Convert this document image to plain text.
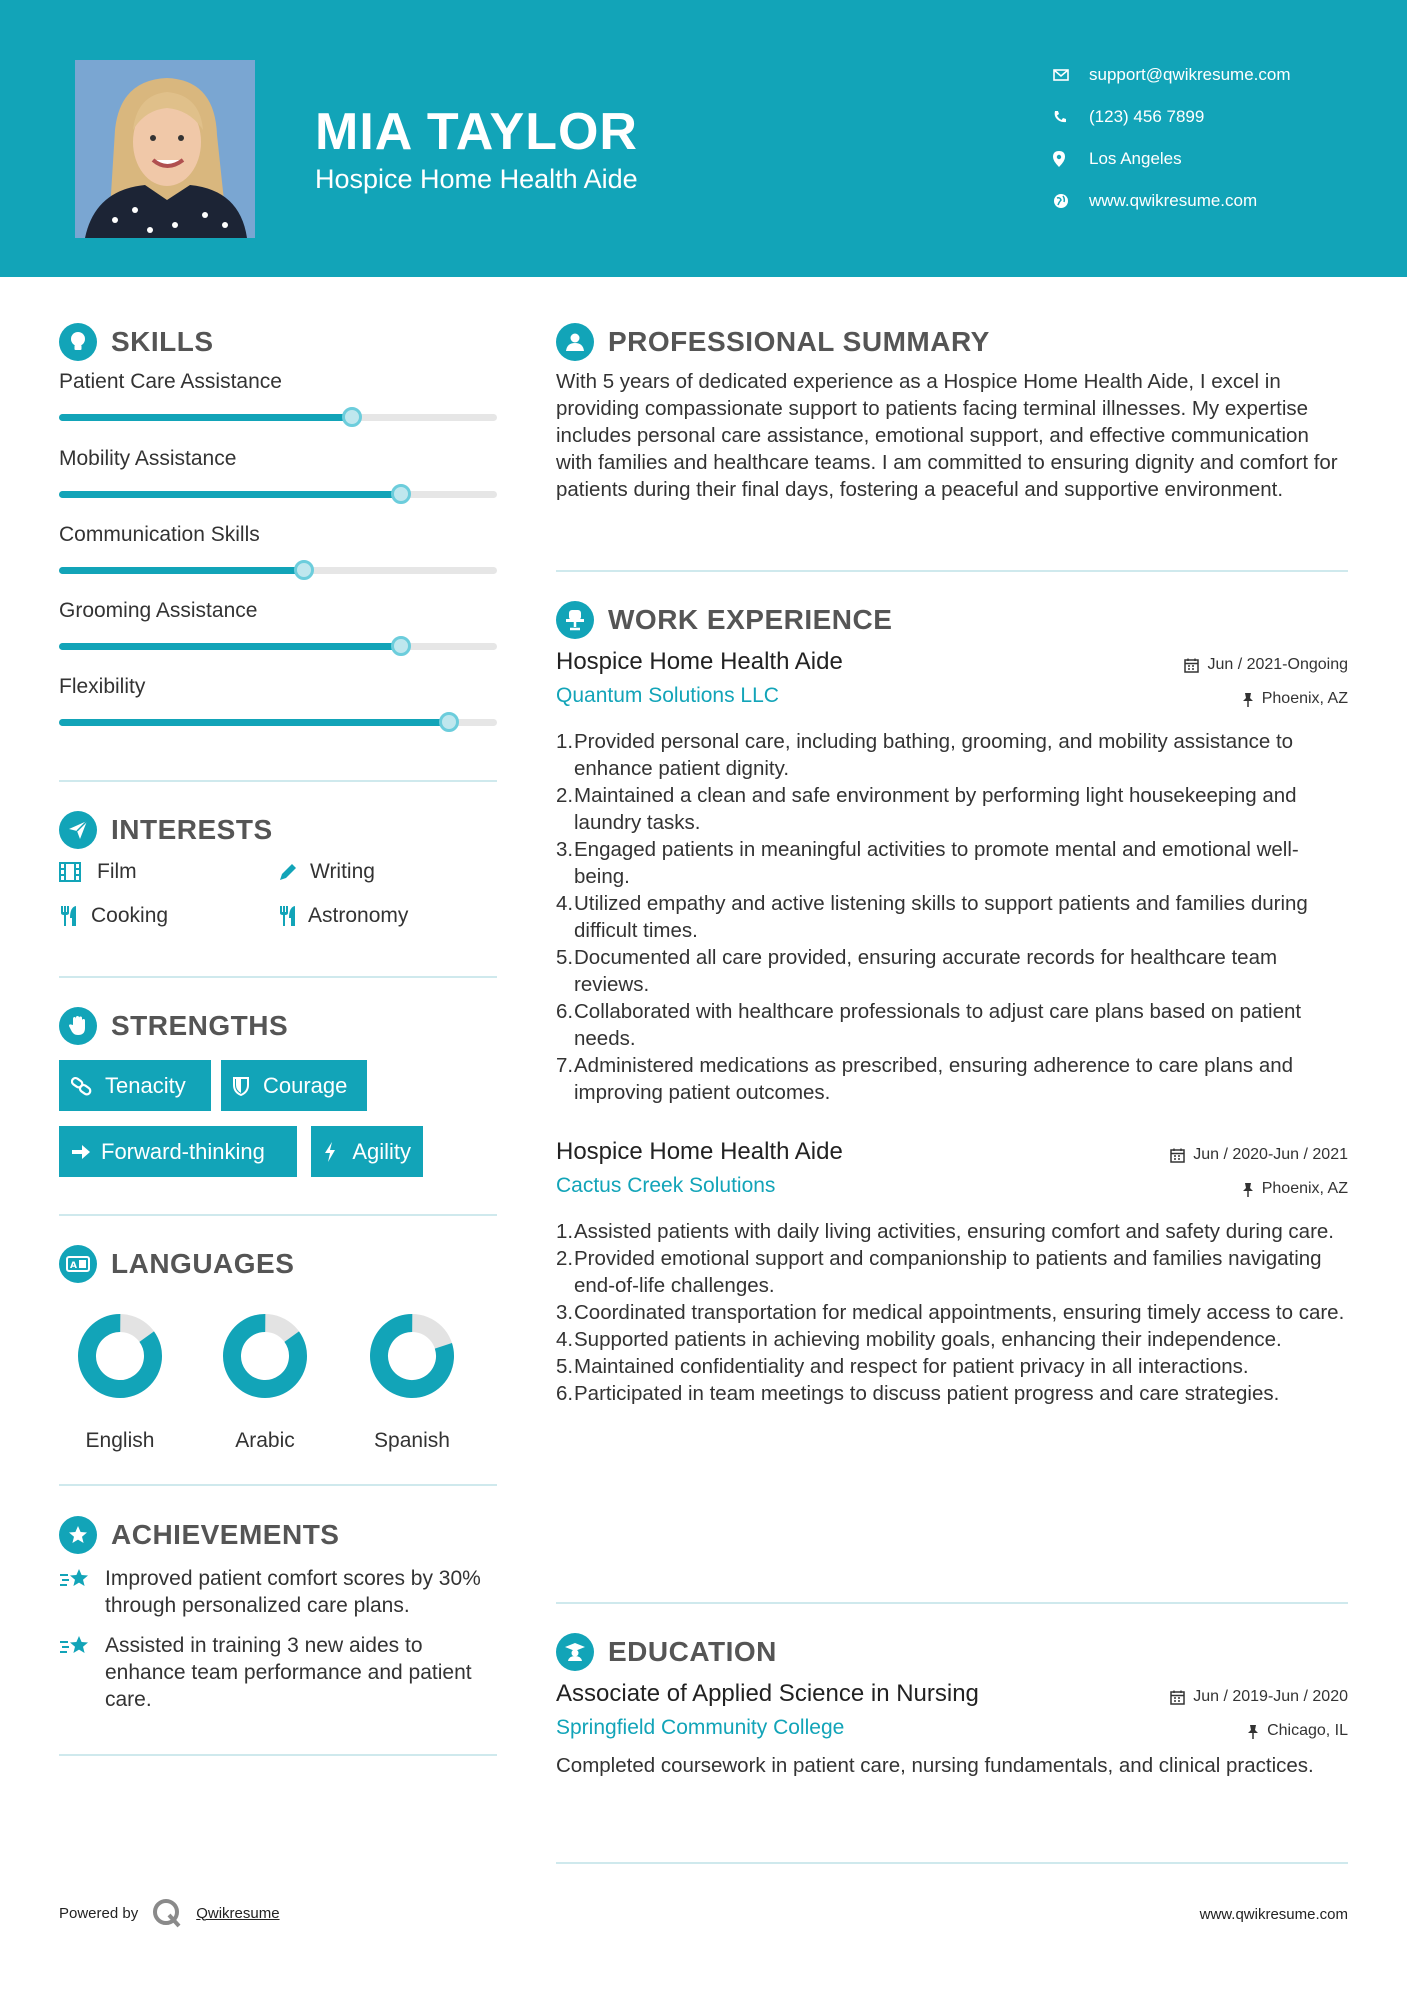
MIA TAYLOR
Hospice Home Health Aide
support@qwikresume.com
(123) 456 7899
Los Angeles
www.qwikresume.com
SKILLS
Patient Care Assistance
Mobility Assistance
Communication Skills
Grooming Assistance
Flexibility
INTERESTS
Film	Writing
Cooking	Astronomy
STRENGTHS
Tenacity	Courage
Forward-thinking	Agility
A LANGUAGES
English	Arabic	Spanish
ACHIEVEMENTS
Improved patient comfort scores by 30% through personalized care plans.
Assisted in training 3 new aides to enhance team performance and patient care.
PROFESSIONAL SUMMARY
With 5 years of dedicated experience as a Hospice Home Health Aide, I excel in providing compassionate support to patients facing terminal illnesses. My expertise includes personal care assistance, emotional support, and effective communication with families and healthcare teams. I am committed to ensuring dignity and comfort for patients during their final days, fostering a peaceful and supportive environment.
WORK EXPERIENCE
Hospice Home Health Aide	Jun / 2021-Ongoing
Quantum Solutions LLC	Phoenix, AZ
1. Provided personal care, including bathing, grooming, and mobility assistance to enhance patient dignity.
2. Maintained a clean and safe environment by performing light housekeeping and laundry tasks.
3. Engaged patients in meaningful activities to promote mental and emotional well-being.
4. Utilized empathy and active listening skills to support patients and families during difficult times.
5. Documented all care provided, ensuring accurate records for healthcare team reviews.
6. Collaborated with healthcare professionals to adjust care plans based on patient needs.
7. Administered medications as prescribed, ensuring adherence to care plans and improving patient outcomes.
Hospice Home Health Aide	Jun / 2020-Jun / 2021
Cactus Creek Solutions	Phoenix, AZ
1. Assisted patients with daily living activities, ensuring comfort and safety during care.
2. Provided emotional support and companionship to patients and families navigating end-of-life challenges.
3. Coordinated transportation for medical appointments, ensuring timely access to care.
4. Supported patients in achieving mobility goals, enhancing their independence.
5. Maintained confidentiality and respect for patient privacy in all interactions.
6. Participated in team meetings to discuss patient progress and care strategies.
EDUCATION
Associate of Applied Science in Nursing	Jun / 2019-Jun / 2020
Springfield Community College	Chicago, IL
Completed coursework in patient care, nursing fundamentals, and clinical practices.
Powered by	Qwikresume	www.qwikresume.com
